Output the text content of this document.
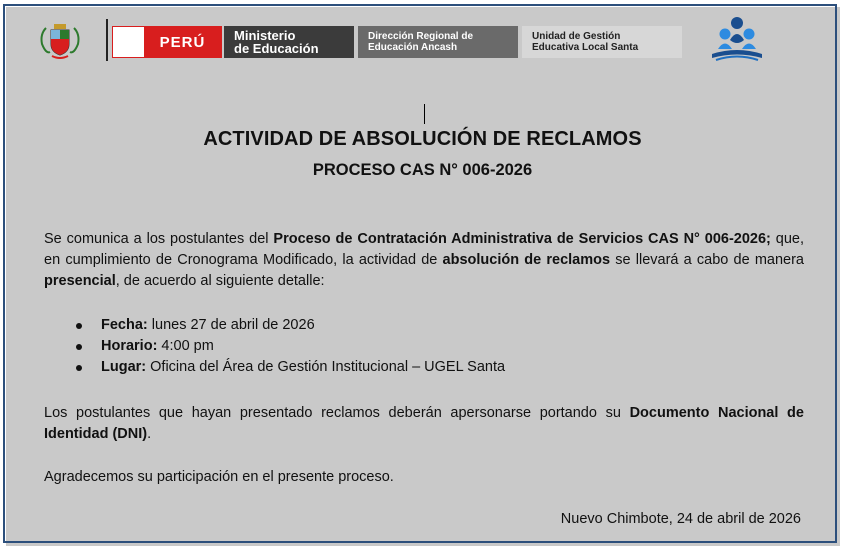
PERÚ	Ministerio
de Educación
Dirección Regional de
Educación Ancash
Unidad de Gestión
Educativa Local Santa
ACTIVIDAD DE ABSOLUCIÓN DE RECLAMOS
PROCESO CAS N° 006-2026
Se comunica a los postulantes del Proceso de Contratación Administrativa de Servicios CAS N° 006-2026; que, en cumplimiento de Cronograma Modificado, la actividad de absolución de reclamos se llevará a cabo de manera presencial, de acuerdo al siguiente detalle:
Fecha: lunes 27 de abril de 2026
Horario: 4:00 pm
Lugar: Oficina del Área de Gestión Institucional – UGEL Santa
Los postulantes que hayan presentado reclamos deberán apersonarse portando su Documento Nacional de Identidad (DNI).
Agradecemos su participación en el presente proceso.
Nuevo Chimbote, 24 de abril de 2026
